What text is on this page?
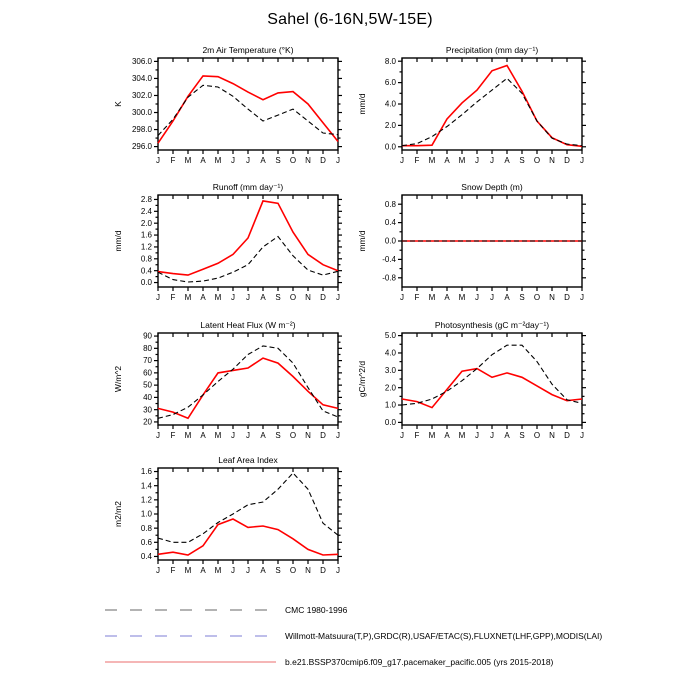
Sahel (6-16N,5W-15E)
2m Air Temperature (°K)
K
296.0
298.0
300.0
302.0
304.0
306.0
J F M A M J J A S O N D J
Precipitation (mm day⁻¹)
mm/d
0.0
2.0
4.0
6.0
8.0
J F M A M J J A S O N D J
Runoff (mm day⁻¹)
mm/d
0.0
0.4
0.8
1.2
1.6
2.0
2.4
2.8
J F M A M J J A S O N D J
Snow Depth (m)
mm/d
-0.8
-0.4
0.0
0.4
0.8
J F M A M J J A S O N D J
Latent Heat Flux (W m⁻²)
W/m^2
20
30
40
50
60
70
80
90
J F M A M J J A S O N D J
Photosynthesis (gC m⁻²day⁻¹)
gC/m^2/d
0.0
1.0
2.0
3.0
4.0
5.0
J F M A M J J A S O N D J
Leaf Area Index
m2/m2
0.4
0.6
0.8
1.0
1.2
1.4
1.6
J F M A M J J A S O N D J
CMC 1980-1996
Willmott-Matsuura(T,P),GRDC(R),USAF/ETAC(S),FLUXNET(LHF,GPP),MODIS(LAI)
b.e21.BSSP370cmip6.f09_g17.pacemaker_pacific.005 (yrs 2015-2018)
